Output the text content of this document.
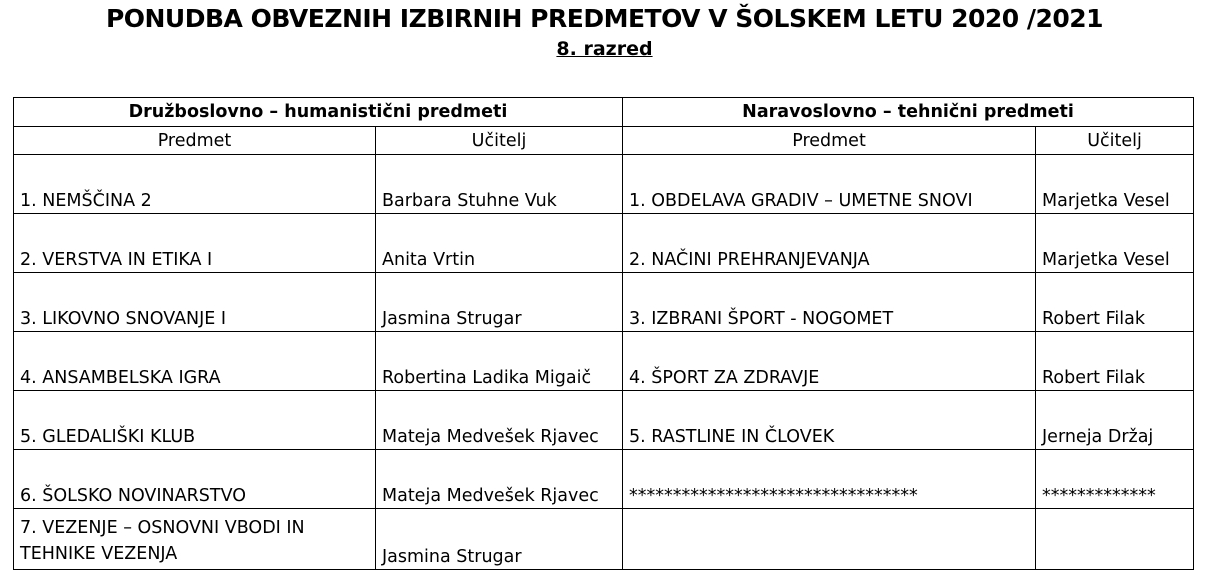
PONUDBA OBVEZNIH IZBIRNIH PREDMETOV V ŠOLSKEM LETU 2020 /2021
8. razred
Družboslovno – humanistični predmeti		Naravoslovno – tehnični predmeti	
Predmet	Učitelj	Predmet	Učitelj
1. NEMŠČINA 2	Barbara Stuhne Vuk	1. OBDELAVA GRADIV – UMETNE SNOVI	Marjetka Vesel
2. VERSTVA IN ETIKA I	Anita Vrtin	2. NAČINI PREHRANJEVANJA	Marjetka Vesel
3. LIKOVNO SNOVANJE I	Jasmina Strugar	3. IZBRANI ŠPORT - NOGOMET	Robert Filak
4. ANSAMBELSKA IGRA	Robertina Ladika Migaič	4. ŠPORT ZA ZDRAVJE	Robert Filak
5. GLEDALIŠKI KLUB	Mateja Medvešek Rjavec	5. RASTLINE IN ČLOVEK	Jerneja Držaj
6. ŠOLSKO NOVINARSTVO	Mateja Medvešek Rjavec	*********************************	*************
7. VEZENJE – OSNOVNI VBODI IN TEHNIKE VEZENJA	Jasmina Strugar		
